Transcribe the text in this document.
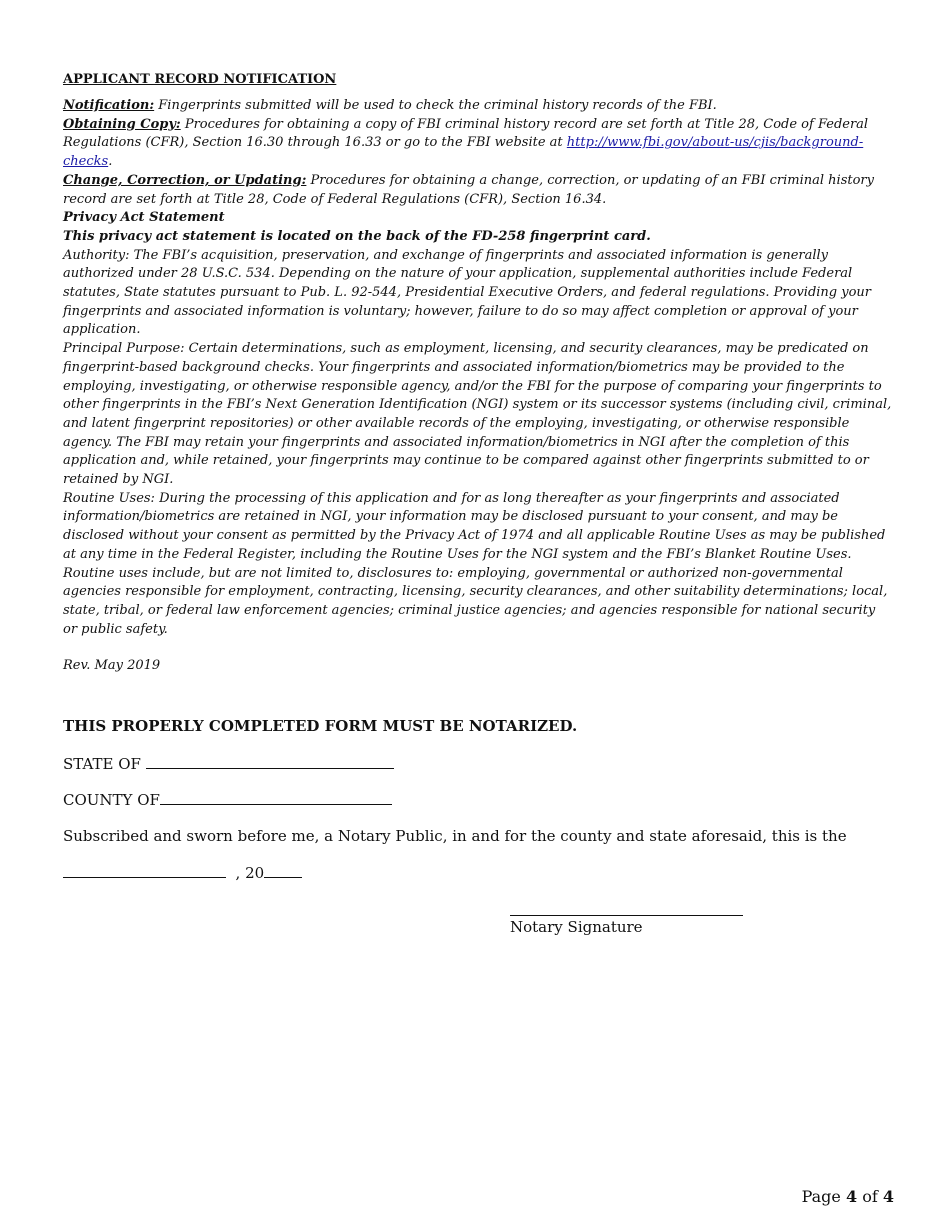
APPLICANT RECORD NOTIFICATION

Notification: Fingerprints submitted will be used to check the criminal history records of the FBI.

Obtaining Copy: Procedures for obtaining a copy of FBI criminal history record are set forth at Title 28, Code of Federal Regulations (CFR), Section 16.30 through 16.33 or go to the FBI website at http://www.fbi.gov/about-us/cjis/background-checks.

Change, Correction, or Updating: Procedures for obtaining a change, correction, or updating of an FBI criminal history record are set forth at Title 28, Code of Federal Regulations (CFR), Section 16.34.

Privacy Act Statement

This privacy act statement is located on the back of the FD-258 fingerprint card.

Authority: The FBI’s acquisition, preservation, and exchange of fingerprints and associated information is generally authorized under 28 U.S.C. 534. Depending on the nature of your application, supplemental authorities include Federal statutes, State statutes pursuant to Pub. L. 92-544, Presidential Executive Orders, and federal regulations. Providing your fingerprints and associated information is voluntary; however, failure to do so may affect completion or approval of your application.

Principal Purpose: Certain determinations, such as employment, licensing, and security clearances, may be predicated on fingerprint-based background checks. Your fingerprints and associated information/biometrics may be provided to the employing, investigating, or otherwise responsible agency, and/or the FBI for the purpose of comparing your fingerprints to other fingerprints in the FBI’s Next Generation Identification (NGI) system or its successor systems (including civil, criminal, and latent fingerprint repositories) or other available records of the employing, investigating, or otherwise responsible agency. The FBI may retain your fingerprints and associated information/biometrics in NGI after the completion of this application and, while retained, your fingerprints may continue to be compared against other fingerprints submitted to or retained by NGI.

Routine Uses: During the processing of this application and for as long thereafter as your fingerprints and associated information/biometrics are retained in NGI, your information may be disclosed pursuant to your consent, and may be disclosed without your consent as permitted by the Privacy Act of 1974 and all applicable Routine Uses as may be published at any time in the Federal Register, including the Routine Uses for the NGI system and the FBI’s Blanket Routine Uses. Routine uses include, but are not limited to, disclosures to: employing, governmental or authorized non-governmental agencies responsible for employment, contracting, licensing, security clearances, and other suitability determinations; local, state, tribal, or federal law enforcement agencies; criminal justice agencies; and agencies responsible for national security or public safety.

Rev. May 2019
THIS PROPERLY COMPLETED FORM MUST BE NOTARIZED.
STATE OF
COUNTY OF
Subscribed and sworn before me, a Notary Public, in and for the county and state aforesaid, this is the
, 20
Notary Signature
Page 4 of 4
